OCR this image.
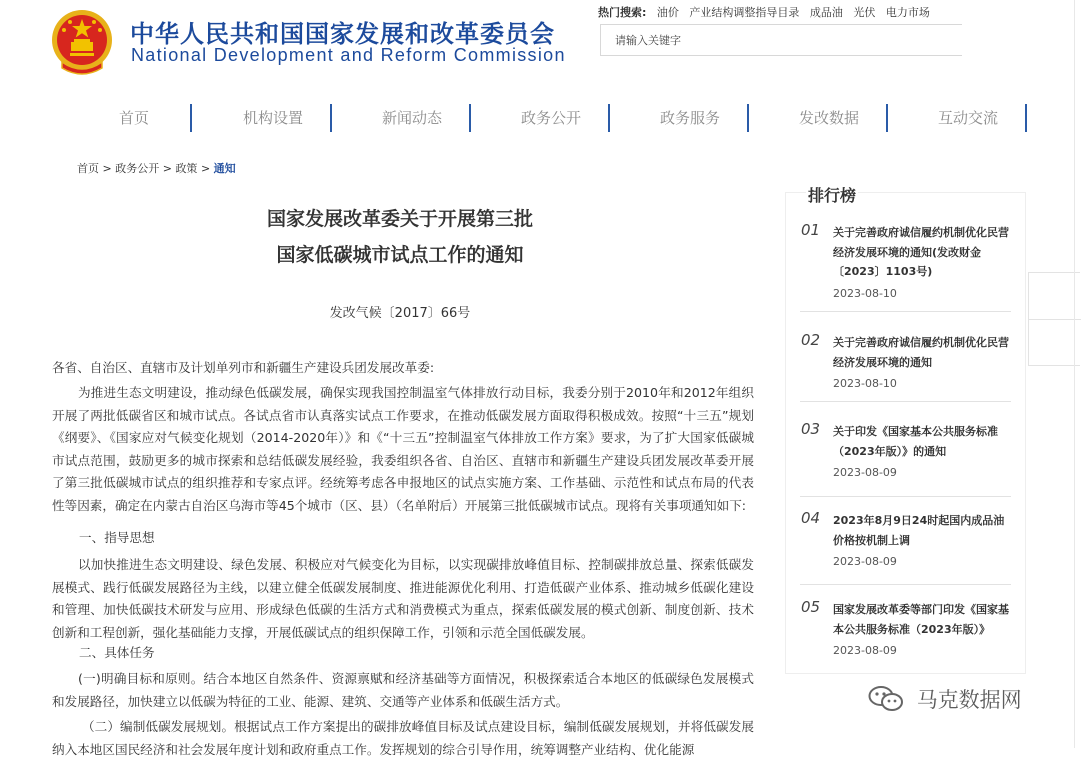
中华人民共和国国家发展和改革委员会
National Development and Reform Commission
热门搜索: 油价 产业结构调整指导目录 成品油 光伏 电力市场
请输入关键字
首页	机构设置	新闻动态	政务公开	政务服务	发改数据	互动交流
首页 > 政务公开 > 政策 > 通知
国家发展改革委关于开展第三批
国家低碳城市试点工作的通知
发改气候〔2017〕66号
各省、自治区、直辖市及计划单列市和新疆生产建设兵团发展改革委:
为推进生态文明建设，推动绿色低碳发展，确保实现我国控制温室气体排放行动目标，我委分别于2010年和2012年组织开展了两批低碳省区和城市试点。各试点省市认真落实试点工作要求，在推动低碳发展方面取得积极成效。按照“十三五”规划《纲要》、《国家应对气候变化规划（2014-2020年）》和《“十三五”控制温室气体排放工作方案》要求，为了扩大国家低碳城市试点范围，鼓励更多的城市探索和总结低碳发展经验，我委组织各省、自治区、直辖市和新疆生产建设兵团发展改革委开展了第三批低碳城市试点的组织推荐和专家点评。经统筹考虑各申报地区的试点实施方案、工作基础、示范性和试点布局的代表性等因素，确定在内蒙古自治区乌海市等45个城市（区、县）（名单附后）开展第三批低碳城市试点。现将有关事项通知如下:
一、指导思想
以加快推进生态文明建设、绿色发展、积极应对气候变化为目标，以实现碳排放峰值目标、控制碳排放总量、探索低碳发展模式、践行低碳发展路径为主线，以建立健全低碳发展制度、推进能源优化利用、打造低碳产业体系、推动城乡低碳化建设和管理、加快低碳技术研发与应用、形成绿色低碳的生活方式和消费模式为重点，探索低碳发展的模式创新、制度创新、技术创新和工程创新，强化基础能力支撑，开展低碳试点的组织保障工作，引领和示范全国低碳发展。
二、具体任务
(一)明确目标和原则。结合本地区自然条件、资源禀赋和经济基础等方面情况，积极探索适合本地区的低碳绿色发展模式和发展路径，加快建立以低碳为特征的工业、能源、建筑、交通等产业体系和低碳生活方式。
（二）编制低碳发展规划。根据试点工作方案提出的碳排放峰值目标及试点建设目标，编制低碳发展规划，并将低碳发展纳入本地区国民经济和社会发展年度计划和政府重点工作。发挥规划的综合引导作用，统筹调整产业结构、优化能源
排行榜
01 关于完善政府诚信履约机制优化民营经济发展环境的通知(发改财金〔2023〕1103号)
2023-08-10
02 关于完善政府诚信履约机制优化民营经济发展环境的通知
2023-08-10
03 关于印发《国家基本公共服务标准（2023年版）》的通知
2023-08-09
04 2023年8月9日24时起国内成品油价格按机制上调
2023-08-09
05 国家发展改革委等部门印发《国家基本公共服务标准（2023年版）》
2023-08-09
马克数据网
